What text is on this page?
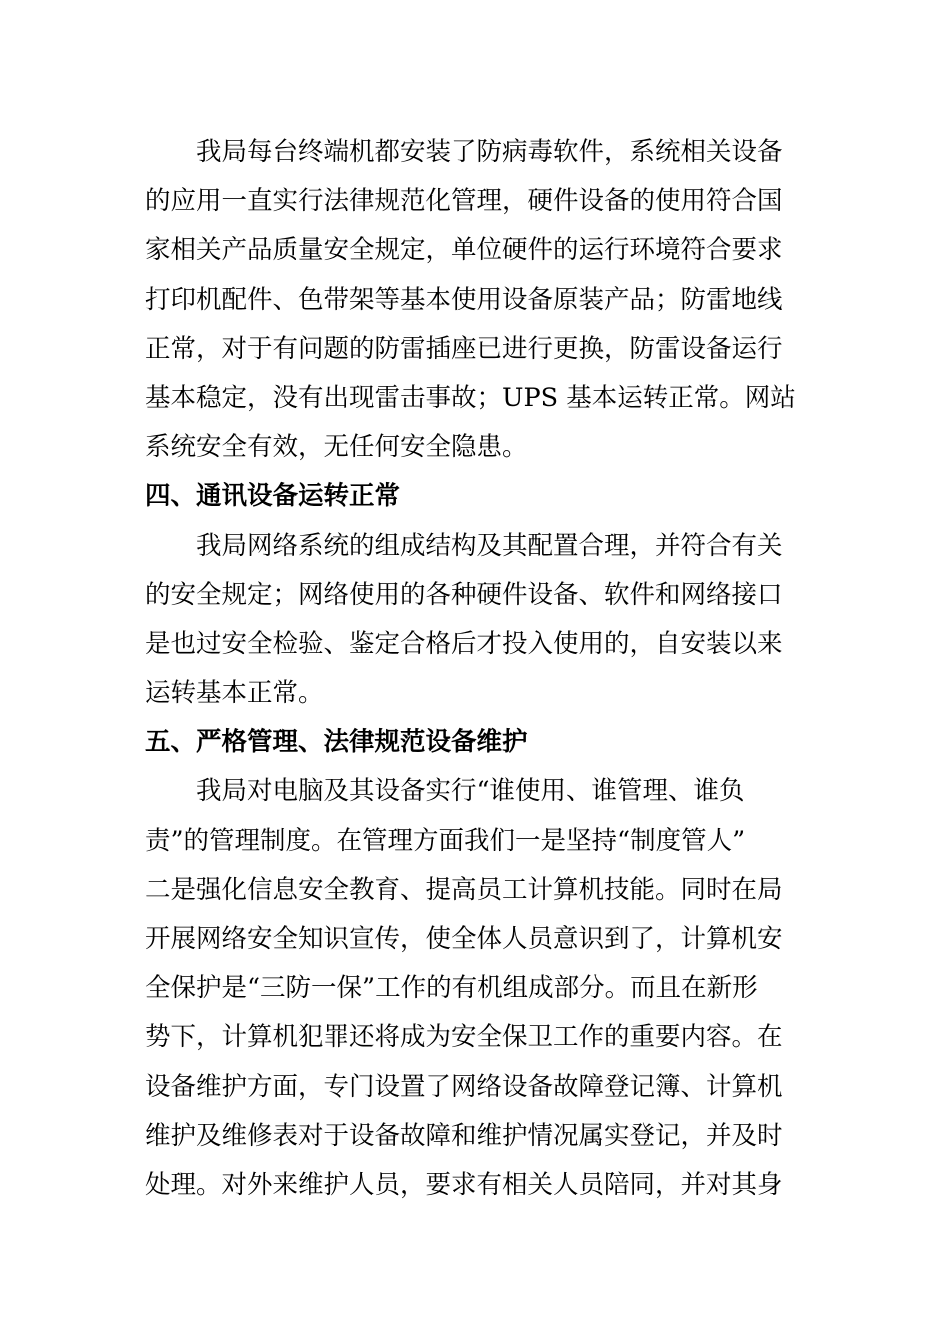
我局每台终端机都安装了防病毒软件，系统相关设备
的应用一直实行法律规范化管理，硬件设备的使用符合国
家相关产品质量安全规定，单位硬件的运行环境符合要求
打印机配件、色带架等基本使用设备原装产品；防雷地线
正常，对于有问题的防雷插座已进行更换，防雷设备运行
基本稳定，没有出现雷击事故；UPS 基本运转正常。网站
系统安全有效，无任何安全隐患。
四、通讯设备运转正常
我局网络系统的组成结构及其配置合理，并符合有关
的安全规定；网络使用的各种硬件设备、软件和网络接口
是也过安全检验、鉴定合格后才投入使用的，自安装以来
运转基本正常。
五、严格管理、法律规范设备维护
我局对电脑及其设备实行“谁使用、谁管理、谁负
责”的管理制度。在管理方面我们一是坚持“制度管人”
二是强化信息安全教育、提高员工计算机技能。同时在局
开展网络安全知识宣传，使全体人员意识到了，计算机安
全保护是“三防一保”工作的有机组成部分。而且在新形
势下，计算机犯罪还将成为安全保卫工作的重要内容。在
设备维护方面，专门设置了网络设备故障登记簿、计算机
维护及维修表对于设备故障和维护情况属实登记，并及时
处理。对外来维护人员，要求有相关人员陪同，并对其身
